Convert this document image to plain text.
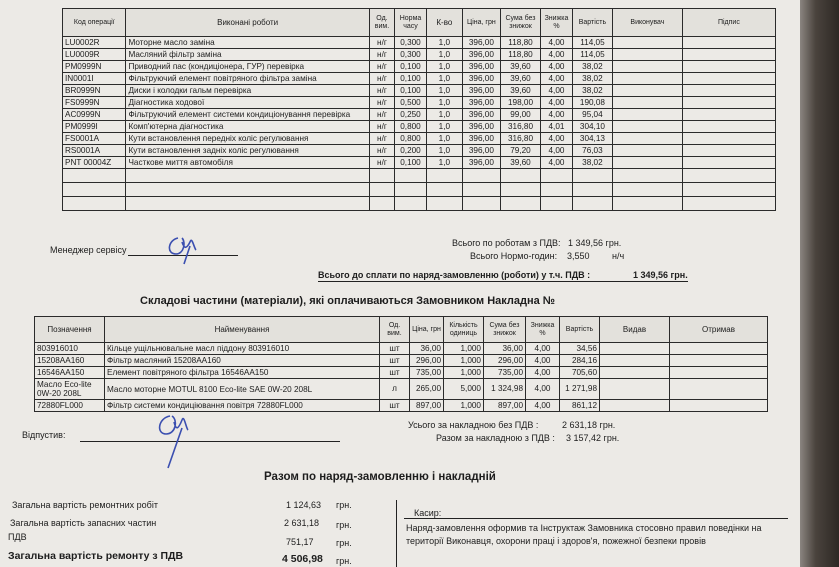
Код операції	Виконані роботи	Од. вим.	Норма часу	К-во	Ціна, грн	Сума без знижок	Знижка %	Вартість	Виконувач	Підпис
LU0002R	Моторне масло заміна	н/г	0,300	1,0	396,00	118,80	4,00	114,05		
LU0009R	Масляний фільтр заміна	н/г	0,300	1,0	396,00	118,80	4,00	114,05		
PM0999N	Приводний пас (кондиціонера, ГУР) перевірка	н/г	0,100	1,0	396,00	39,60	4,00	38,02		
IN0001I	Фільтруючий елемент повітряного фільтра заміна	н/г	0,100	1,0	396,00	39,60	4,00	38,02		
BR0999N	Диски і колодки гальм перевірка	н/г	0,100	1,0	396,00	39,60	4,00	38,02		
FS0999N	Діагностика ходової	н/г	0,500	1,0	396,00	198,00	4,00	190,08		
AC0999N	Фільтруючий елемент системи кондиціонування перевірка	н/г	0,250	1,0	396,00	99,00	4,00	95,04		
PM0999I	Комп'ютерна діагностика	н/г	0,800	1,0	396,00	316,80	4,01	304,10		
FS0001A	Кути встановлення передніх коліс регулювання	н/г	0,800	1,0	396,00	316,80	4,00	304,13		
RS0001A	Кути встановлення задніх коліс регулювання	н/г	0,200	1,0	396,00	79,20	4,00	76,03		
PNT 00004Z	Часткове миття автомобіля	н/г	0,100	1,0	396,00	39,60	4,00	38,02		

Менеджер сервісу
Всього по роботам з ПДВ: 1 349,56 грн.
Всього Нормо-годин: 3,550 н/ч
Всього до сплати по наряд-замовленню (роботи) у т.ч. ПДВ :	1 349,56 грн.
Складові частини (матеріали), які оплачиваються Замовником Накладна №
Позначення	Найменування	Од. вим.	Ціна, грн	Кількість одиниць	Сума без знижок	Знижка %	Вартість	Видав	Отримав
803916010	Кільце ущільнювальне масл піддону 803916010	шт	36,00	1,000	36,00	4,00	34,56		
15208AA160	Фільтр масляний 15208AA160	шт	296,00	1,000	296,00	4,00	284,16		
16546AA150	Елемент повітряного фільтра 16546AA150	шт	735,00	1,000	735,00	4,00	705,60		
Масло Eco-lite 0W-20 208L	Масло моторне MOTUL 8100 Eco-lite SAE 0W-20 208L	л	265,00	5,000	1 324,98	4,00	1 271,98		
72880FL000	Фільтр системи кондиціювання повітря 72880FL000	шт	897,00	1,000	897,00	4,00	861,12		
Відпустив:
Усього за накладною без ПДВ :	2 631,18 грн.
Разом за накладною з ПДВ : 3 157,42 грн.
Разом по наряд-замовленню і накладній
Загальна вартість ремонтних робіт	1 124,63 грн.
Загальна вартість запасних частин	2 631,18 грн.
ПДВ	751,17 грн.
Загальна вартість ремонту з ПДВ	4 506,98 грн.
Касир:
Наряд-замовлення оформив та Інструктаж Замовника стосовно правил поведінки на території Виконавця, охорони праці і здоров'я, пожежної безпеки провів
